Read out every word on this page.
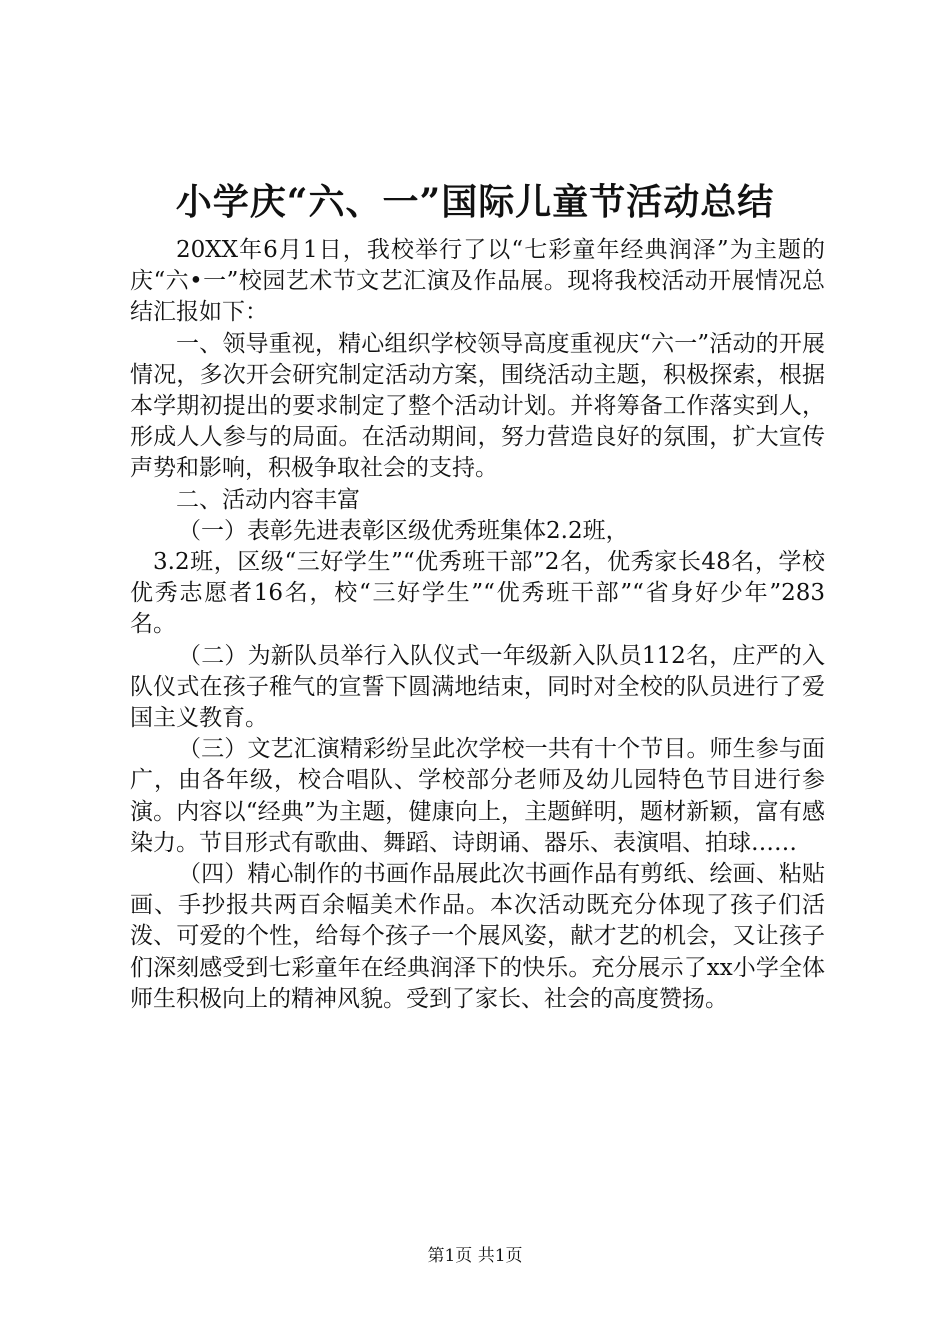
小学庆“六、一”国际儿童节活动总结

20XX年6月1日，我校举行了以“七彩童年经典润泽”为主题的庆“六•一”校园艺术节文艺汇演及作品展。现将我校活动开展情况总结汇报如下：

一、领导重视，精心组织学校领导高度重视庆“六一”活动的开展情况，多次开会研究制定活动方案，围绕活动主题，积极探索，根据本学期初提出的要求制定了整个活动计划。并将筹备工作落实到人，形成人人参与的局面。在活动期间，努力营造良好的氛围，扩大宣传声势和影响，积极争取社会的支持。

二、活动内容丰富

（一）表彰先进表彰区级优秀班集体2.2班，

3.2班，区级“三好学生”“优秀班干部”2名，优秀家长48名，学校优秀志愿者16名，校“三好学生”“优秀班干部”“省身好少年”283名。

（二）为新队员举行入队仪式一年级新入队员112名，庄严的入队仪式在孩子稚气的宣誓下圆满地结束，同时对全校的队员进行了爱国主义教育。

（三）文艺汇演精彩纷呈此次学校一共有十个节目。师生参与面广，由各年级，校合唱队、学校部分老师及幼儿园特色节目进行参演。内容以“经典”为主题，健康向上，主题鲜明，题材新颖，富有感染力。节目形式有歌曲、舞蹈、诗朗诵、器乐、表演唱、拍球……

（四）精心制作的书画作品展此次书画作品有剪纸、绘画、粘贴画、手抄报共两百余幅美术作品。本次活动既充分体现了孩子们活泼、可爱的个性，给每个孩子一个展风姿，献才艺的机会，又让孩子们深刻感受到七彩童年在经典润泽下的快乐。充分展示了xx小学全体师生积极向上的精神风貌。受到了家长、社会的高度赞扬。

第1页 共1页
